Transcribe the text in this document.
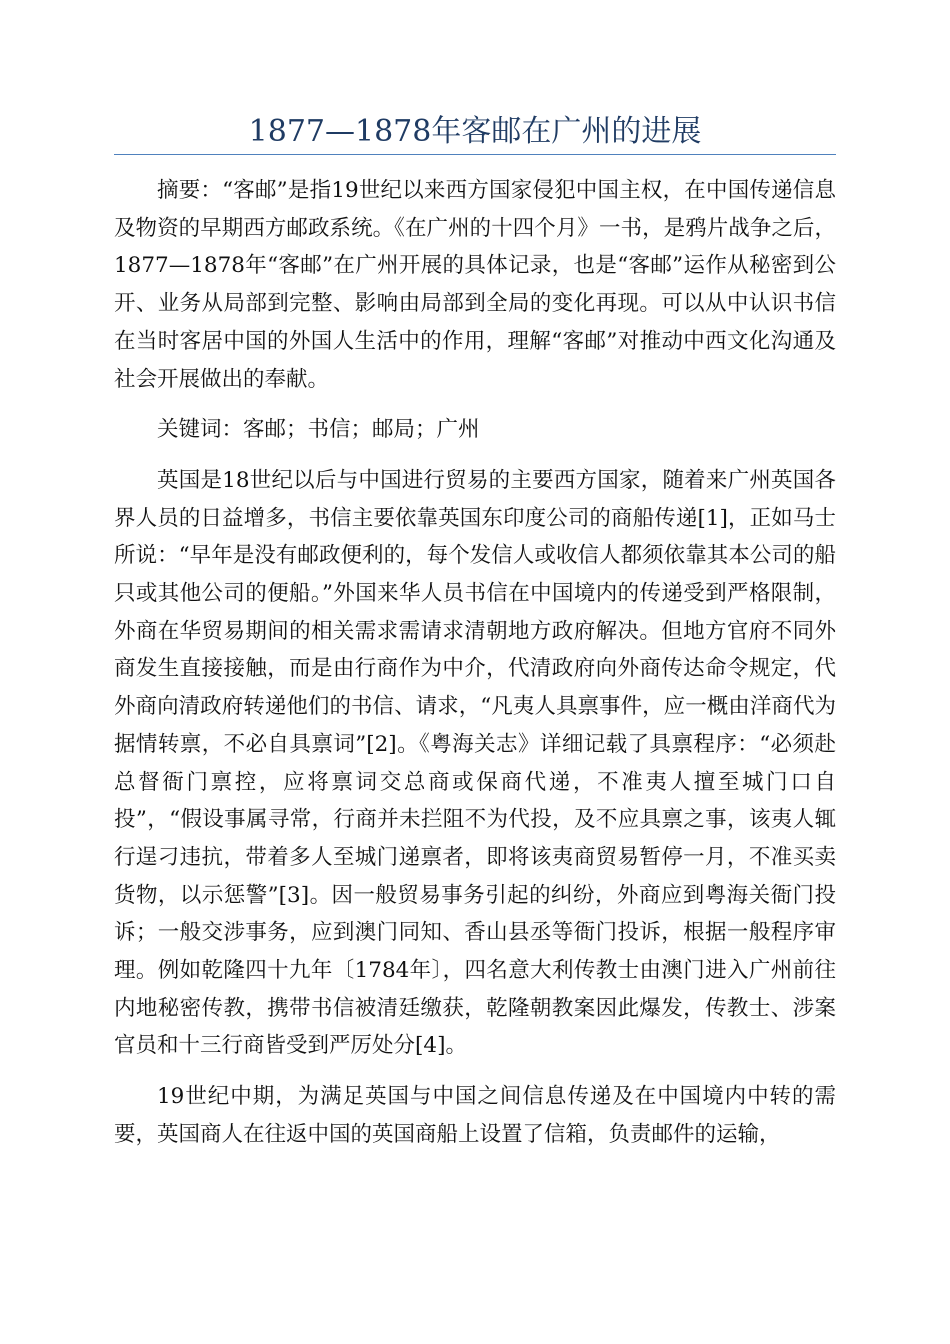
1877—1878年客邮在广州的进展

摘要：“客邮”是指19世纪以来西方国家侵犯中国主权，在中国传递信息及物资的早期西方邮政系统。《在广州的十四个月》一书，是鸦片战争之后，1877—1878年“客邮”在广州开展的具体记录，也是“客邮”运作从秘密到公开、业务从局部到完整、影响由局部到全局的变化再现。可以从中认识书信在当时客居中国的外国人生活中的作用，理解“客邮”对推动中西文化沟通及社会开展做出的奉献。

关键词：客邮；书信；邮局；广州

英国是18世纪以后与中国进行贸易的主要西方国家，随着来广州英国各界人员的日益增多，书信主要依靠英国东印度公司的商船传递[1]，正如马士所说：“早年是没有邮政便利的，每个发信人或收信人都须依靠其本公司的船只或其他公司的便船。”外国来华人员书信在中国境内的传递受到严格限制，外商在华贸易期间的相关需求需请求清朝地方政府解决。但地方官府不同外商发生直接接触，而是由行商作为中介，代清政府向外商传达命令规定，代外商向清政府转递他们的书信、请求，“凡夷人具禀事件，应一概由洋商代为据情转禀，不必自具禀词”[2]。《粤海关志》详细记载了具禀程序：“必须赴总督衙门禀控，应将禀词交总商或保商代递，不准夷人擅至城门口自投”，“假设事属寻常，行商并未拦阻不为代投，及不应具禀之事，该夷人辄行逞刁违抗，带着多人至城门递禀者，即将该夷商贸易暂停一月，不准买卖货物，以示惩警”[3]。因一般贸易事务引起的纠纷，外商应到粤海关衙门投诉；一般交涉事务，应到澳门同知、香山县丞等衙门投诉，根据一般程序审理。例如乾隆四十九年〔1784年〕，四名意大利传教士由澳门进入广州前往内地秘密传教，携带书信被清廷缴获，乾隆朝教案因此爆发，传教士、涉案官员和十三行商皆受到严厉处分[4]。

19世纪中期，为满足英国与中国之间信息传递及在中国境内中转的需要，英国商人在往返中国的英国商船上设置了信箱，负责邮件的运输，
